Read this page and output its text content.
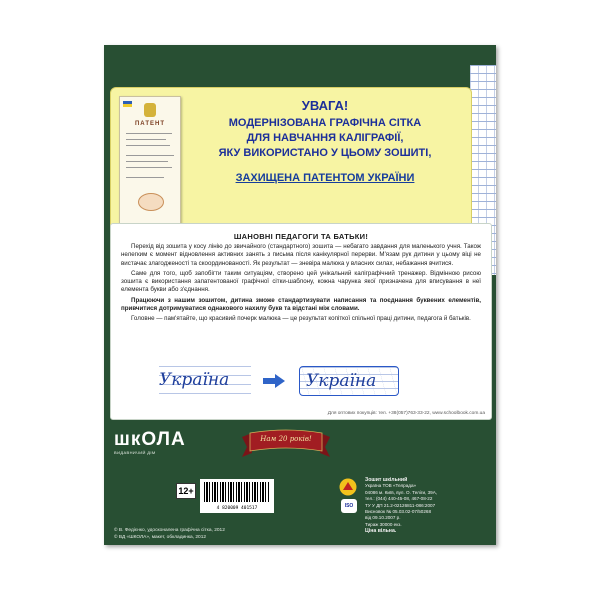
ПАТЕНТ
УВАГА!
МОДЕРНІЗОВАНА ГРАФІЧНА СІТКА
ДЛЯ НАВЧАННЯ КАЛІГРАФІЇ,
ЯКУ ВИКОРИСТАНО У ЦЬОМУ ЗОШИТІ,
ЗАХИЩЕНА ПАТЕНТОМ УКРАЇНИ
ШАНОВНІ ПЕДАГОГИ ТА БАТЬКИ!

Перехід від зошита у косу лінію до звичайного (стандартного) зошита — небагато завдання для маленького учня. Також нелегким є момент відновлення активних занять з письма після канікулярної перерви. М'язам рук дитини у цьому віці не вистачає злагодженості та скоординованості. Як результат — зневіра малюка у власних силах, небажання вчитися.

Саме для того, щоб запобігти таким ситуаціям, створено цей унікальний каліграфічний тренажер. Відмінною рисою зошита є використання запатентованої графічної сітки-шаблону, кожна чарунка якої призначена для вписування в неї елемента букви або з'єднання.

Працюючи з нашим зошитом, дитина зможе стандартизувати написання та поєднання буквених елементів, привчитися дотримуватися однакового нахилу букв та відстані між словами.

Головне — пам'ятайте, що красивий почерк малюка — це результат копіткої спільної праці дитини, педагога й батьків.

Україна	Україна
Для оптових покупців: тел. +38(057)763-33-22, www.schoolbook.com.ua
шкОЛА
ВИДАВНИЧИЙ ДІМ
Нам 20 років!
12+
4 820009 401517	ISO
Зошит шкільний
Україна ТОВ «Телрада»
04086 м. Київ, вул. О. Теліги, 39А,
тел.: (044) 440-45-08, 467-08-22
ТУ У ДП 21.2-02126811-086:2007
Висновок № 05.03.02-07/50268
від 09.10.2007 р.
Тираж 30000 екз.
Ціна вільна.
© В. Федієнко, удосконалена графічна сітка, 2012
© ВД «ШКОЛА», макет, обкладинка, 2012
